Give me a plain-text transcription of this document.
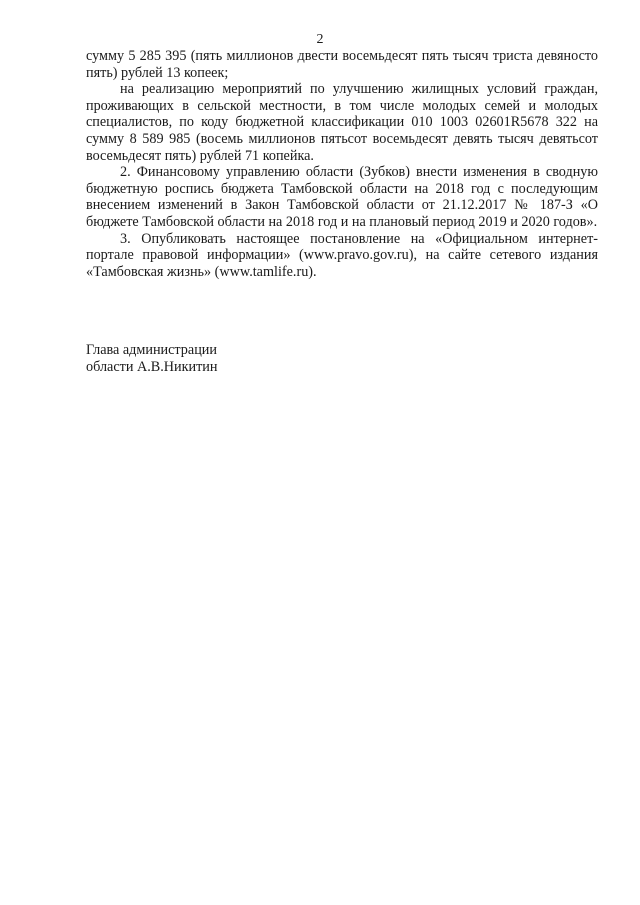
2

сумму 5 285 395 (пять миллионов двести восемьдесят пять тысяч триста девяносто пять) рублей 13 копеек;

на реализацию мероприятий по улучшению жилищных условий граждан, проживающих в сельской местности, в том числе молодых семей и молодых специалистов, по коду бюджетной классификации 010 1003 02601R5678 322 на сумму 8 589 985 (восемь миллионов пятьсот восемьдесят девять тысяч девятьсот восемьдесят пять) рублей 71 копейка.

2. Финансовому управлению области (Зубков) внести изменения в сводную бюджетную роспись бюджета Тамбовской области на 2018 год с последующим внесением изменений в Закон Тамбовской области от 21.12.2017 № 187-З «О бюджете Тамбовской области на 2018 год и на плановый период 2019 и 2020 годов».

3. Опубликовать настоящее постановление на «Официальном интернет-портале правовой информации» (www.pravo.gov.ru), на сайте сетевого издания «Тамбовская жизнь» (www.tamlife.ru).

Глава администрации
области А.В.Никитин
